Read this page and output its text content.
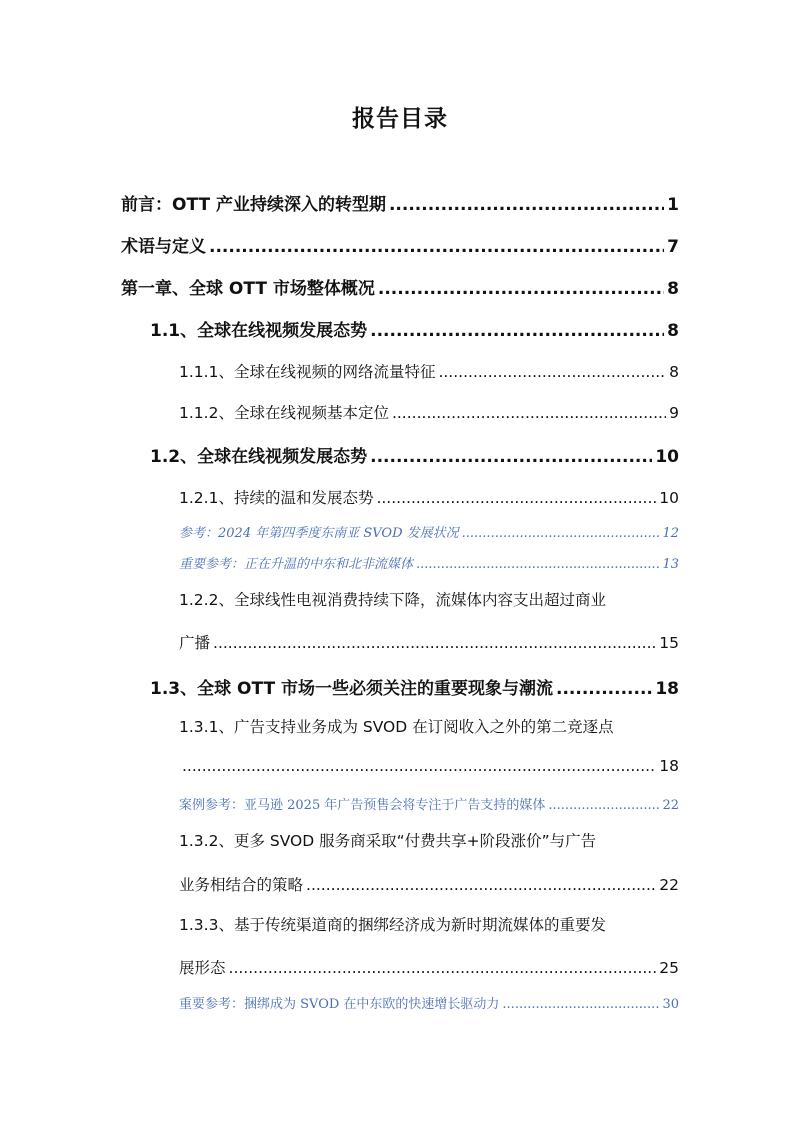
报告目录
前言：OTT 产业持续深入的转型期 .....	1
术语与定义 .....	7
第一章、全球 OTT 市场整体概况 .....	8
1.1、全球在线视频发展态势 .....	8
1.1.1、全球在线视频的网络流量特征 .....	8
1.1.2、全球在线视频基本定位 .....	9
1.2、全球在线视频发展态势 .....	10
1.2.1、持续的温和发展态势 .....	10
参考：2024 年第四季度东南亚 SVOD 发展状况 .....	12
重要参考：正在升温的中东和北非流媒体 .....	13
1.2.2、全球线性电视消费持续下降，流媒体内容支出超过商业
广播 .....	15
1.3、全球 OTT 市场一些必须关注的重要现象与潮流 .....	18
1.3.1、广告支持业务成为 SVOD 在订阅收入之外的第二竞逐点
.....
18
案例参考：亚马逊 2025 年广告预售会将专注于广告支持的媒体 .....	22
1.3.2、更多 SVOD 服务商采取“付费共享+阶段涨价”与广告
业务相结合的策略 .....	22
1.3.3、基于传统渠道商的捆绑经济成为新时期流媒体的重要发
展形态 .....	25
重要参考：捆绑成为 SVOD 在中东欧的快速增长驱动力 .....	30
